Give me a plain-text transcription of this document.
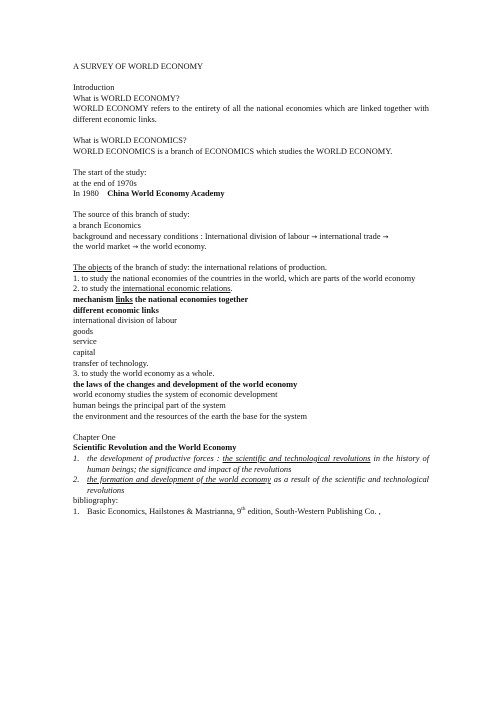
A SURVEY OF WORLD ECONOMY
Introduction
What is WORLD ECONOMY?
WORLD ECONOMY refers to the entirety of all the national economies which are linked together with different economic links.
What is WORLD ECONOMICS?
WORLD ECONOMICS is a branch of ECONOMICS which studies the WORLD ECONOMY.
The start of the study:
at the end of 1970s
In 1980 China World Economy Academy
The source of this branch of study:
a branch Economics
background and necessary conditions : International division of labour → international trade →
the world market → the world economy.
The objects of the branch of study: the international relations of production.
1. to study the national economies of the countries in the world, which are parts of the world economy
2. to study the international economic relations.
mechanism links the national economies together
different economic links
international division of labour
goods
service
capital
transfer of technology.
3. to study the world economy as a whole.
the laws of the changes and development of the world economy
world economy studies the system of economic development
human beings the principal part of the system
the environment and the resources of the earth the base for the system
Chapter One
Scientific Revolution and the World Economy
1. the development of productive forces : the scientific and technological revolutions in the history of human beings; the significance and impact of the revolutions
2. the formation and development of the world economy as a result of the scientific and technological revolutions
bibliography:
1. Basic Economics, Hailstones & Mastrianna, 9th edition, South-Western Publishing Co. ,
